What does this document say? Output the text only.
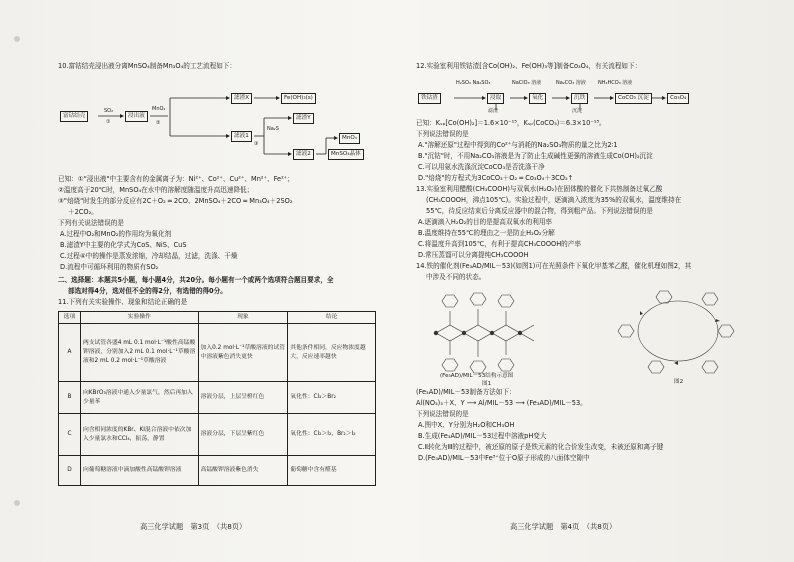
10.富钴结壳浸出液分离MnSO₄制备Mn₃O₄的工艺流程如下：

富钴结壳
SO₂
①
浸出液
MnO₂
②
滤渣X	Fe(OH)₃(s)
滤液1
Na₂S
③
滤渣Y
MnOₓ
滤液2	MnSO₄晶体

已知：①"浸出液"中主要含有的金属离子为：Ni²⁺、Co²⁺、Cu²⁺、Mn²⁺、Fe²⁺；

②温度高于20℃时，MnSO₄在水中的溶解度随温度升高迅速降低；

③"焙烧"时发生的部分反应有2C＋O₂ ═ 2CO、2MnSO₄＋2CO ═ Mn₃O₄＋2SO₂

＋2CO₂。

下列有关说法错误的是

A.过程中O₂和MnO₂的作用均为氧化剂

B.滤渣Y中主要的化学式为CoS、NiS、CuS

C.过程④中的操作是蒸发浓缩，冷却结晶，过滤，洗涤、干燥

D.流程中可循环利用的物质有SO₂

二、选择题：本题共5小题，每小题4分，共20分。每小题有一个或两个选项符合题目要求，全

部选对得4分，选对但不全的得2分，有选错的得0分。

11.下列有关实验操作、现象和结论正确的是

选项	实验操作	现象	结论
A	两支试管各盛4 mL 0.1 mol·L⁻¹酸性高锰酸钾溶液，分别加入2 mL 0.1 mol·L⁻¹草酸溶液和2 mL 0.2 mol·L⁻¹草酸溶液	加入0.2 mol·L⁻¹草酸溶液的试管中溶液紫色消失更快	其他条件相同，反应物浓度越大，反应速率越快
B	向KBrO₃溶液中通入少量氯气，然后再加入少量苯	溶液分层，上层呈橙红色	氧化性：Cl₂＞Br₂
C	向含相同浓度的KBr、KI混合溶液中依次加入少量氯水和CCl₄，振荡，静置	溶液分层，下层呈紫红色	氧化性：Cl₂＞I₂，Br₂＞I₂
D	向葡萄糖溶液中滴加酸性高锰酸钾溶液	高锰酸钾溶液紫色消失	葡萄糖中含有醛基
高三化学试题　第3页　（共8页）

12.实验室利用铁钴渣[含Co(OH)₂、Fe(OH)₃等]制备Co₃O₄，有关流程如下：

铁钴渣
H₂SO₄ Na₂SO₃
浸取
NaClO₃ 溶液
氧化
Na₂CO₃ 溶液
沉铁
NH₄HCO₃ 溶液
CoCO₃ 沉淀	Co₃O₄
滤渣	沉淀

已知：Kₛₚ[Co(OH)₂]＝1.6×10⁻¹⁵，Kₛₚ(CoCO₃)＝6.3×10⁻¹³。

下列说法错误的是

A."溶解还原"过程中得到的Co²⁺与消耗的Na₂SO₃物质的量之比为2∶1

B."沉钴"时，不用Na₂CO₃溶液是为了防止生成碱性更强的溶液生成Co(OH)₂沉淀

C.可以用氨水洗涤沉淀CoCO₃是否洗涤干净

D."焙烧"的方程式为3CoCO₃＋O₂ ═ Co₃O₄＋3CO₂↑

13.实验室利用醋酸(CH₃COOH)与双氧水(H₂O₂)在固体酸的催化下共热制备过氧乙酸

(CH₃COOOH，沸点105℃)。实验过程中，逐滴滴入浓度为35%的双氧水，温度维持在

55℃，待反应结束后分离反应器中的混合物，得到粗产品。下列说法错误的是

A.逐滴滴入H₂O₂的目的是提高双氧水的利用率

B.温度维持在55℃的理由之一是防止H₂O₂分解

C.将温度升高到105℃，有利于提高CH₃COOOH的产率

D.常压蒸馏可以分离提纯CH₃COOOH

14.铁的催化剂(Fe₃AD/MIL－53)(如图1)可在光照条件下氧化甲基苯乙醛，催化机理如图2，其

中涉及不同的状态。

(Fe₃AD)/MIL－53结构示意图
图1	图2

(Fe₃AD)/MIL－53制备方法如下：

Al(NO₃)₃＋X、Y ⟶ Al/MIL－53 ⟶ (Fe₃AD)/MIL－53。

下列说法错误的是

A.图中X、Y分别为H₂O和CH₃OH

B.生成(Fe₃AD)/MIL－53过程中溶液pH变大

C.Ⅱ转化为Ⅲ的过程中，被还原的原子是铁元素的化合价发生改变，未被还原和离子键

D.(Fe₃AD)/MIL－53中Fe³⁺位于O原子形成的八面体空隙中

高三化学试题　第4页　（共8页）
